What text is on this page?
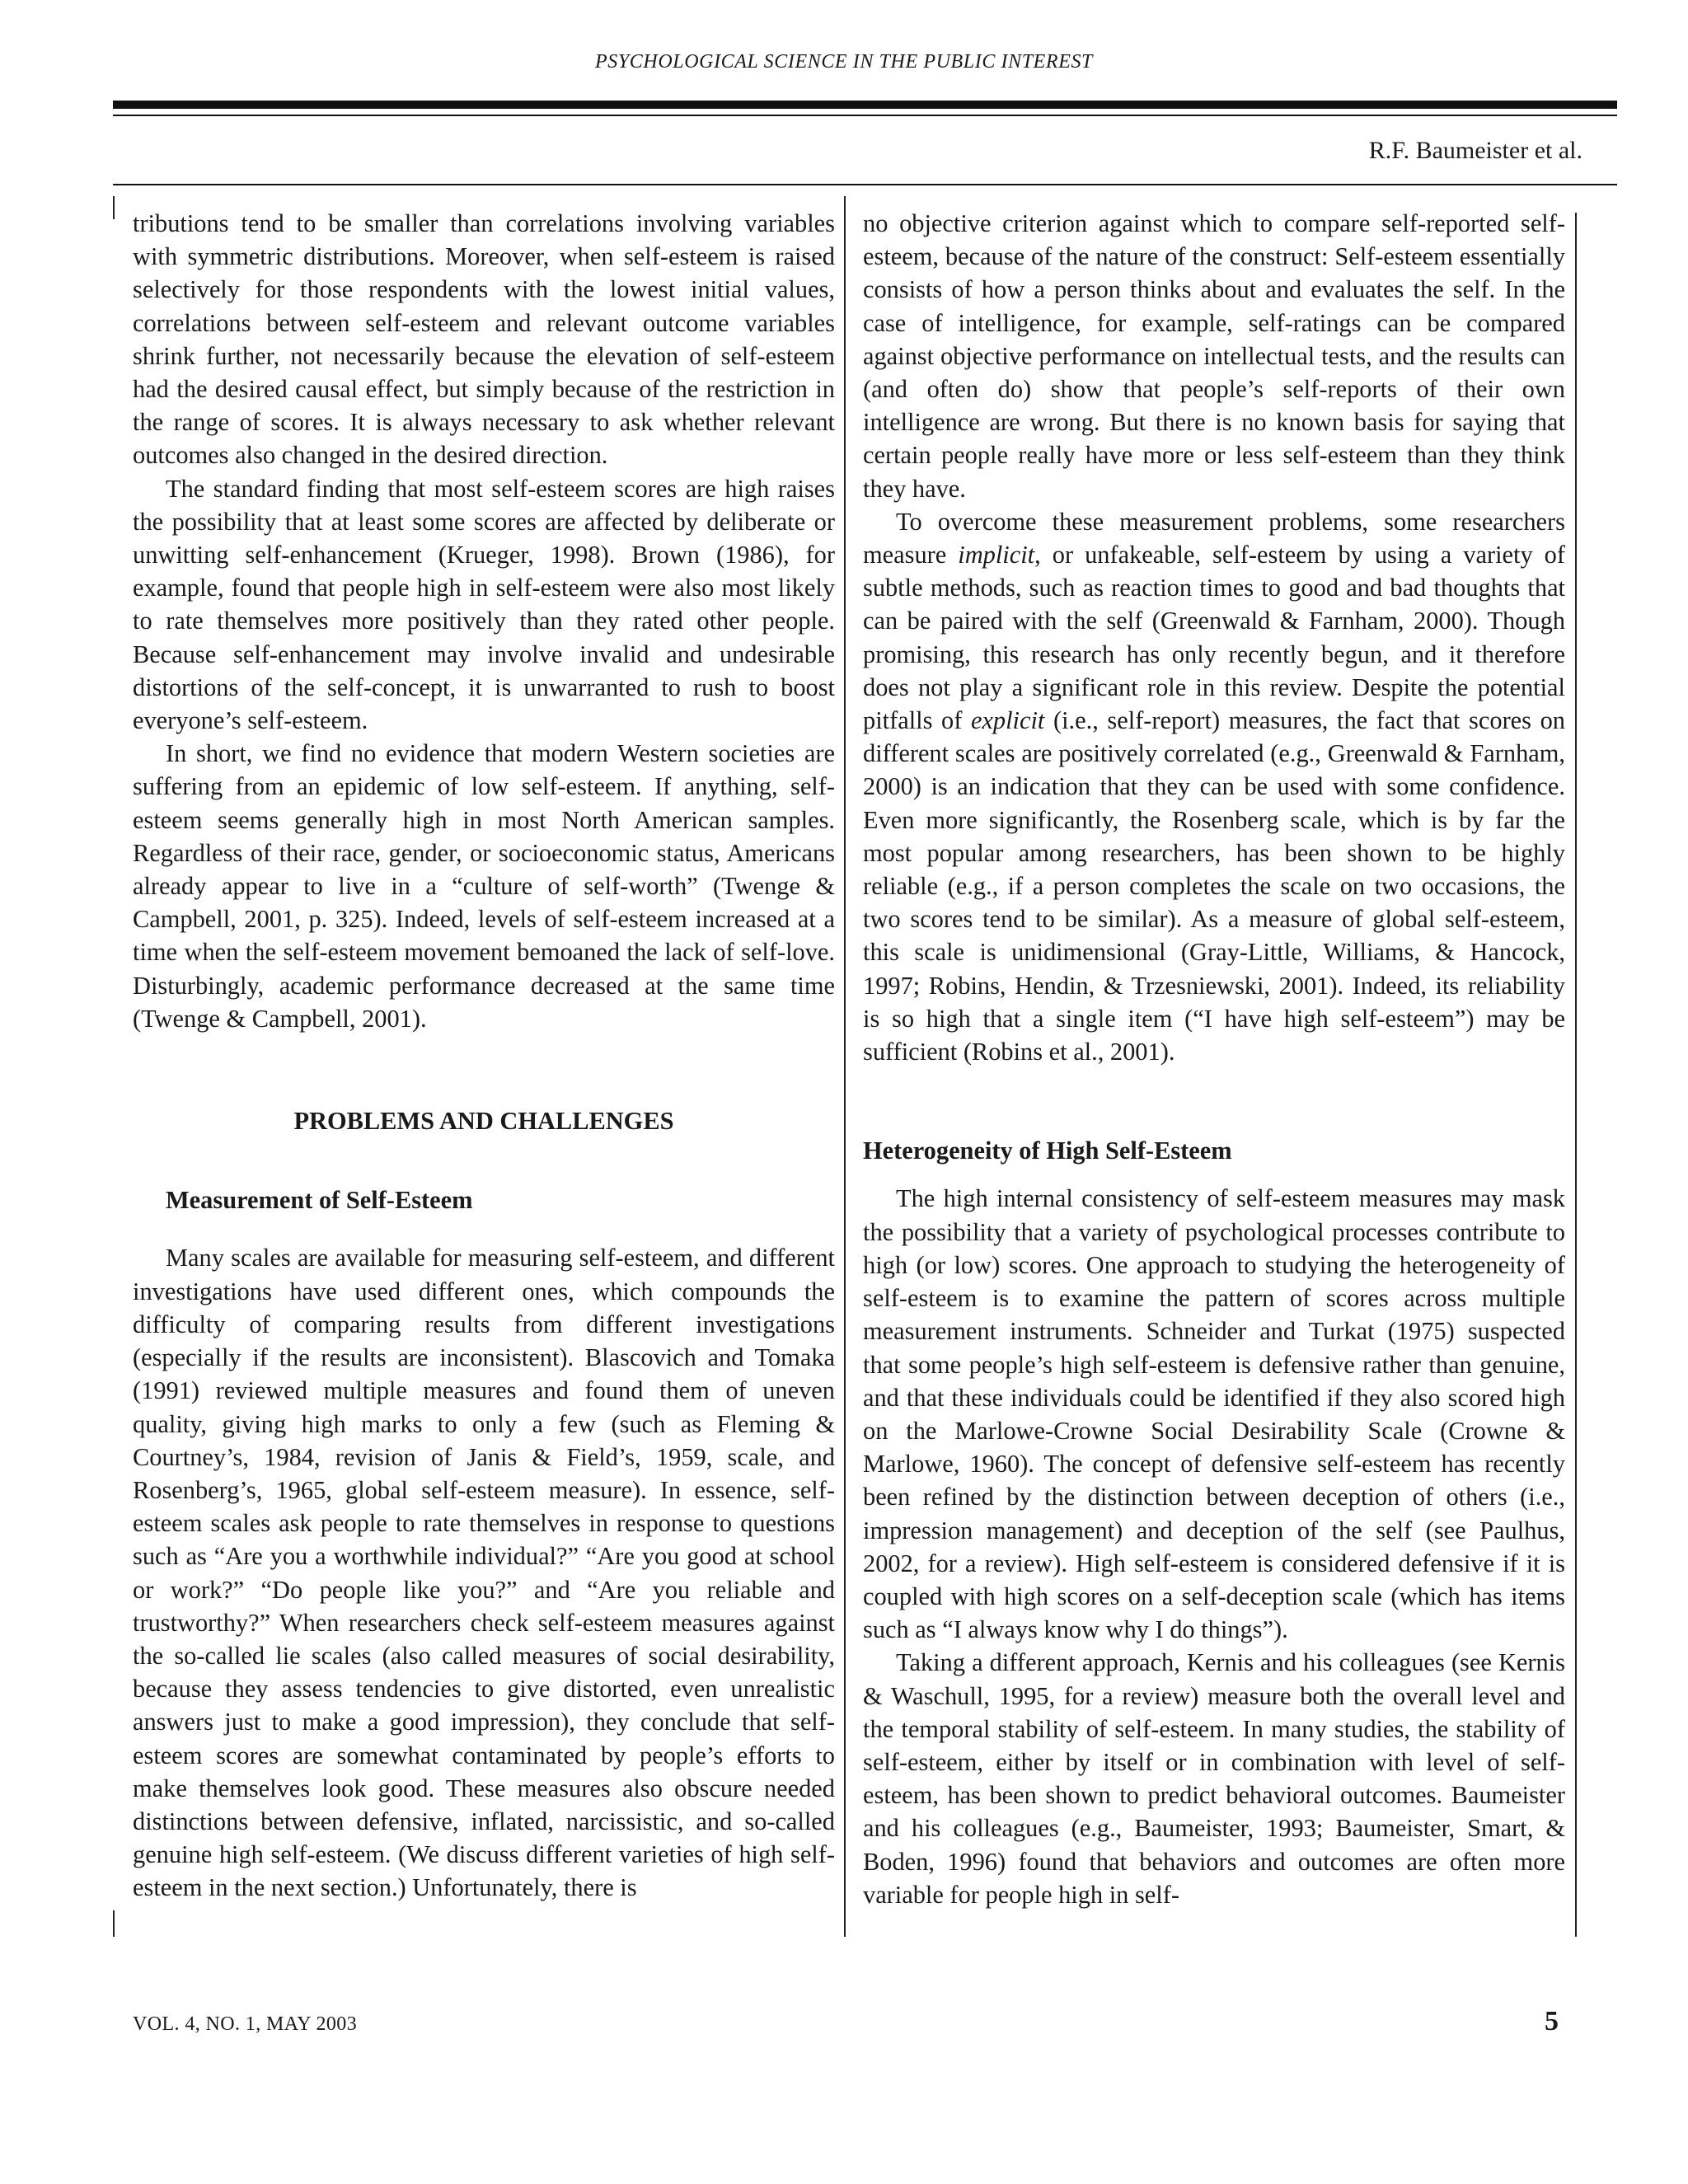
PSYCHOLOGICAL SCIENCE IN THE PUBLIC INTEREST
R.F. Baumeister et al.

tributions tend to be smaller than correlations involving variables with symmetric distributions. Moreover, when self-esteem is raised selectively for those respondents with the lowest initial values, correlations between self-esteem and relevant outcome variables shrink further, not necessarily because the elevation of self-esteem had the desired causal effect, but simply because of the restriction in the range of scores. It is always necessary to ask whether relevant outcomes also changed in the desired direction.

The standard finding that most self-esteem scores are high raises the possibility that at least some scores are affected by deliberate or unwitting self-enhancement (Krueger, 1998). Brown (1986), for example, found that people high in self-esteem were also most likely to rate themselves more positively than they rated other people. Because self-enhancement may involve invalid and undesirable distortions of the self-concept, it is unwarranted to rush to boost everyone’s self-esteem.

In short, we find no evidence that modern Western societies are suffering from an epidemic of low self-esteem. If anything, self-esteem seems generally high in most North American samples. Regardless of their race, gender, or socioeconomic status, Americans already appear to live in a “culture of self-worth” (Twenge & Campbell, 2001, p. 325). Indeed, levels of self-esteem increased at a time when the self-esteem movement bemoaned the lack of self-love. Disturbingly, academic performance decreased at the same time (Twenge & Campbell, 2001).

PROBLEMS AND CHALLENGES
Measurement of Self-Esteem

Many scales are available for measuring self-esteem, and different investigations have used different ones, which compounds the difficulty of comparing results from different investigations (especially if the results are inconsistent). Blascovich and Tomaka (1991) reviewed multiple measures and found them of uneven quality, giving high marks to only a few (such as Fleming & Courtney’s, 1984, revision of Janis & Field’s, 1959, scale, and Rosenberg’s, 1965, global self-esteem measure). In essence, self-esteem scales ask people to rate themselves in response to questions such as “Are you a worthwhile individual?” “Are you good at school or work?” “Do people like you?” and “Are you reliable and trustworthy?” When researchers check self-esteem measures against the so-called lie scales (also called measures of social desirability, because they assess tendencies to give distorted, even unrealistic answers just to make a good impression), they conclude that self-esteem scores are somewhat contaminated by people’s efforts to make themselves look good. These measures also obscure needed distinctions between defensive, inflated, narcissistic, and so-called genuine high self-esteem. (We discuss different varieties of high self-esteem in the next section.) Unfortunately, there is

no objective criterion against which to compare self-reported self-esteem, because of the nature of the construct: Self-esteem essentially consists of how a person thinks about and evaluates the self. In the case of intelligence, for example, self-ratings can be compared against objective performance on intellectual tests, and the results can (and often do) show that people’s self-reports of their own intelligence are wrong. But there is no known basis for saying that certain people really have more or less self-esteem than they think they have.

To overcome these measurement problems, some researchers measure implicit, or unfakeable, self-esteem by using a variety of subtle methods, such as reaction times to good and bad thoughts that can be paired with the self (Greenwald & Farnham, 2000). Though promising, this research has only recently begun, and it therefore does not play a significant role in this review. Despite the potential pitfalls of explicit (i.e., self-report) measures, the fact that scores on different scales are positively correlated (e.g., Greenwald & Farnham, 2000) is an indication that they can be used with some confidence. Even more significantly, the Rosenberg scale, which is by far the most popular among researchers, has been shown to be highly reliable (e.g., if a person completes the scale on two occasions, the two scores tend to be similar). As a measure of global self-esteem, this scale is unidimensional (Gray-Little, Williams, & Hancock, 1997; Robins, Hendin, & Trzesniewski, 2001). Indeed, its reliability is so high that a single item (“I have high self-esteem”) may be sufficient (Robins et al., 2001).

Heterogeneity of High Self-Esteem

The high internal consistency of self-esteem measures may mask the possibility that a variety of psychological processes contribute to high (or low) scores. One approach to studying the heterogeneity of self-esteem is to examine the pattern of scores across multiple measurement instruments. Schneider and Turkat (1975) suspected that some people’s high self-esteem is defensive rather than genuine, and that these individuals could be identified if they also scored high on the Marlowe-Crowne Social Desirability Scale (Crowne & Marlowe, 1960). The concept of defensive self-esteem has recently been refined by the distinction between deception of others (i.e., impression management) and deception of the self (see Paulhus, 2002, for a review). High self-esteem is considered defensive if it is coupled with high scores on a self-deception scale (which has items such as “I always know why I do things”).

Taking a different approach, Kernis and his colleagues (see Kernis & Waschull, 1995, for a review) measure both the overall level and the temporal stability of self-esteem. In many studies, the stability of self-esteem, either by itself or in combination with level of self-esteem, has been shown to predict behavioral outcomes. Baumeister and his colleagues (e.g., Baumeister, 1993; Baumeister, Smart, & Boden, 1996) found that behaviors and outcomes are often more variable for people high in self-

VOL. 4, NO. 1, MAY 2003	5
